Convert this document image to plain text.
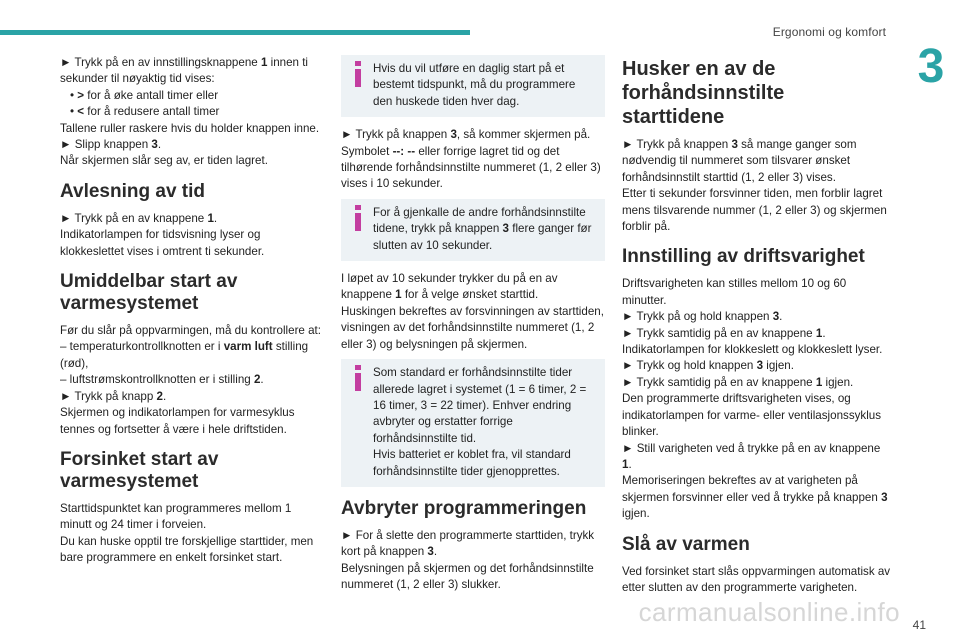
Ergonomi og komfort
3

► Trykk på en av innstillingsknappene 1 innen ti sekunder til nøyaktig tid vises:

• > for å øke antall timer eller

• < for å redusere antall timer

Tallene ruller raskere hvis du holder knappen inne.

► Slipp knappen 3.

Når skjermen slår seg av, er tiden lagret.

Avlesning av tid

► Trykk på en av knappene 1.

Indikatorlampen for tidsvisning lyser og klokkeslettet vises i omtrent ti sekunder.

Umiddelbar start av varmesystemet

Før du slår på oppvarmingen, må du kontrollere at:

– temperaturkontrollknotten er i varm luft stilling (rød),

– luftstrømskontrollknotten er i stilling 2.

► Trykk på knapp 2.

Skjermen og indikatorlampen for varmesyklus tennes og fortsetter å være i hele driftstiden.

Forsinket start av varmesystemet

Starttidspunktet kan programmeres mellom 1 minutt og 24 timer i forveien.

Du kan huske opptil tre forskjellige starttider, men bare programmere en enkelt forsinket start.

Hvis du vil utføre en daglig start på et bestemt tidspunkt, må du programmere den huskede tiden hver dag.

► Trykk på knappen 3, så kommer skjermen på.

Symbolet --: -- eller forrige lagret tid og det tilhørende forhåndsinnstilte nummeret (1, 2 eller 3) vises i 10 sekunder.

For å gjenkalle de andre forhåndsinnstilte tidene, trykk på knappen 3 flere ganger før slutten av 10 sekunder.

I løpet av 10 sekunder trykker du på en av knappene 1 for å velge ønsket starttid.

Huskingen bekreftes av forsvinningen av starttiden, visningen av det forhåndsinnstilte nummeret (1, 2 eller 3) og belysningen på skjermen.

Som standard er forhåndsinnstilte tider allerede lagret i systemet (1 = 6 timer, 2 = 16 timer, 3 = 22 timer). Enhver endring avbryter og erstatter forrige forhåndsinnstilte tid.
Hvis batteriet er koblet fra, vil standard forhåndsinnstilte tider gjenopprettes.
Avbryter programmeringen

► For å slette den programmerte starttiden, trykk kort på knappen 3.

Belysningen på skjermen og det forhåndsinnstilte nummeret (1, 2 eller 3) slukker.

Husker en av de forhåndsinnstilte starttidene

► Trykk på knappen 3 så mange ganger som nødvendig til nummeret som tilsvarer ønsket forhåndsinnstilt starttid (1, 2 eller 3) vises.

Etter ti sekunder forsvinner tiden, men forblir lagret mens tilsvarende nummer (1, 2 eller 3) og skjermen forblir på.

Innstilling av driftsvarighet

Driftsvarigheten kan stilles mellom 10 og 60 minutter.

► Trykk på og hold knappen 3.

► Trykk samtidig på en av knappene 1.

Indikatorlampen for klokkeslett og klokkeslett lyser.

► Trykk og hold knappen 3 igjen.

► Trykk samtidig på en av knappene 1 igjen.

Den programmerte driftsvarigheten vises, og indikatorlampen for varme- eller ventilasjonssyklus blinker.

► Still varigheten ved å trykke på en av knappene 1.

Memoriseringen bekreftes av at varigheten på skjermen forsvinner eller ved å trykke på knappen 3 igjen.

Slå av varmen

Ved forsinket start slås oppvarmingen automatisk av etter slutten av den programmerte varigheten.

carmanualsonline.info 41
